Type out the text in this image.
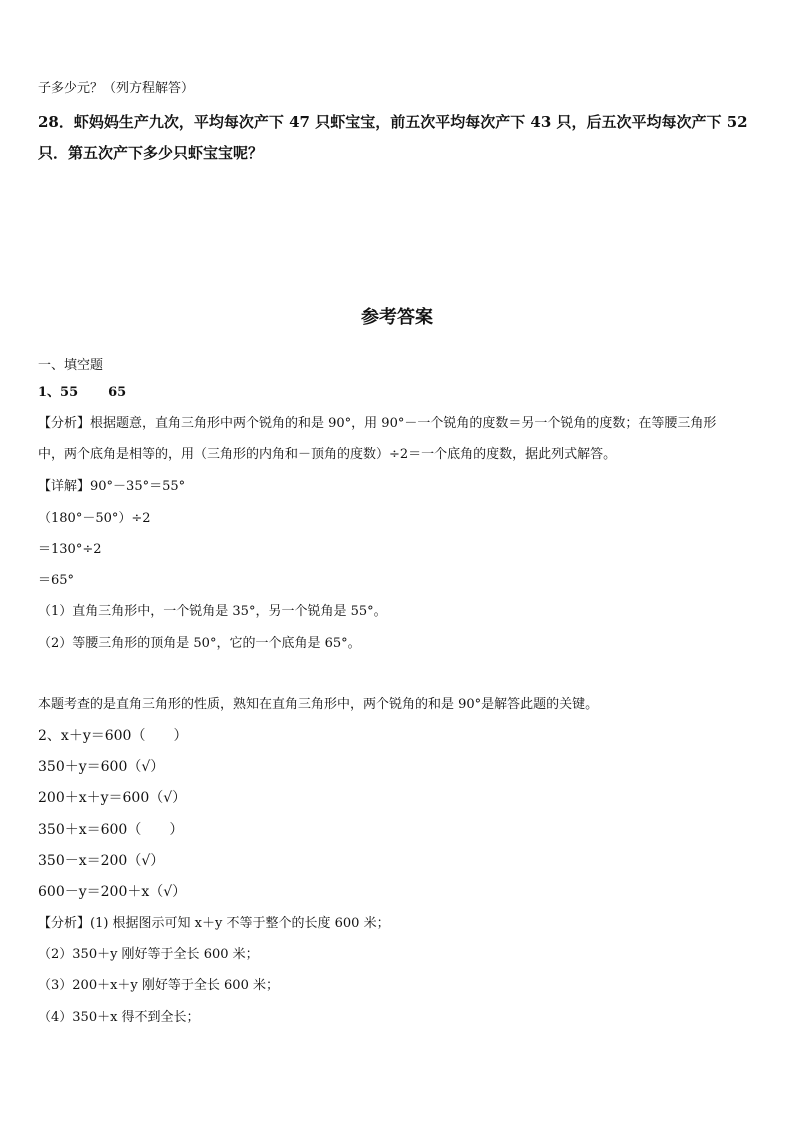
子多少元？（列方程解答）
28．虾妈妈生产九次，平均每次产下 47 只虾宝宝，前五次平均每次产下 43 只，后五次平均每次产下 52
只．第五次产下多少只虾宝宝呢？
参考答案
一、填空题
1、55 65
【分析】根据题意，直角三角形中两个锐角的和是 90°，用 90°－一个锐角的度数＝另一个锐角的度数；在等腰三角形
中，两个底角是相等的，用（三角形的内角和－顶角的度数）÷2＝一个底角的度数，据此列式解答。
【详解】90°－35°＝55°
（180°－50°）÷2
＝130°÷2
＝65°
（1）直角三角形中，一个锐角是 35°，另一个锐角是 55°。
（2）等腰三角形的顶角是 50°，它的一个底角是 65°。
本题考查的是直角三角形的性质，熟知在直角三角形中，两个锐角的和是 90°是解答此题的关键。
2、x＋y＝600（　　）
350＋y＝600（√）
200＋x＋y＝600（√）
350＋x＝600（　　）
350－x＝200（√）
600－y＝200＋x（√）
【分析】(1) 根据图示可知 x＋y 不等于整个的长度 600 米；
（2）350＋y 刚好等于全长 600 米；
（3）200＋x＋y 刚好等于全长 600 米；
（4）350＋x 得不到全长；
